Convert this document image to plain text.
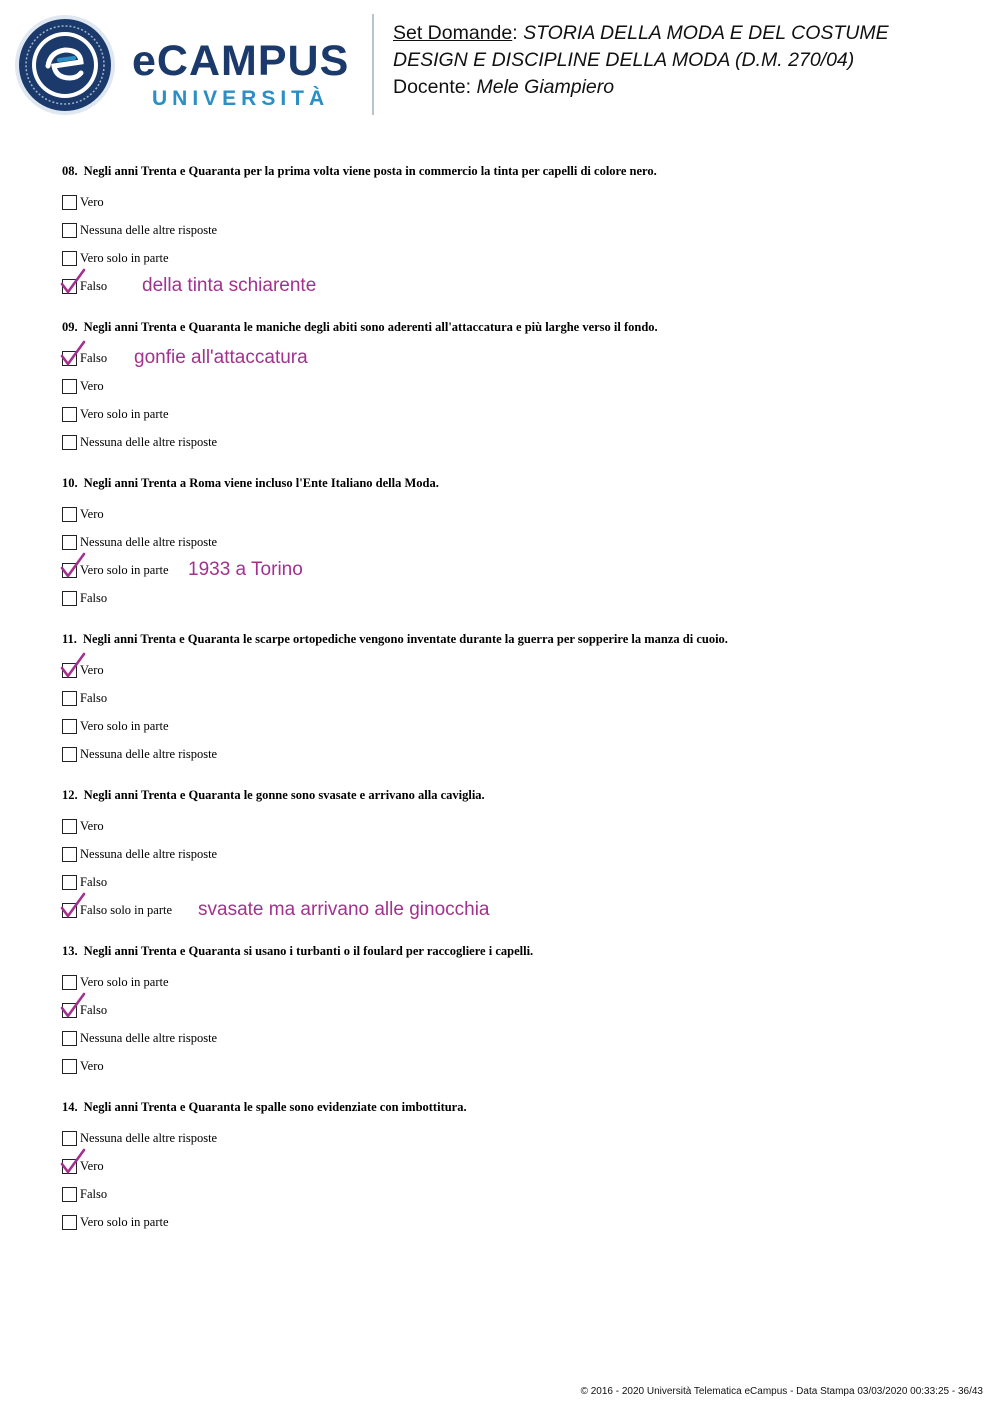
eCAMPUS
UNIVERSITÀ
Set Domande: STORIA DELLA MODA E DEL COSTUME
DESIGN E DISCIPLINE DELLA MODA (D.M. 270/04)
Docente: Mele Giampiero
08. Negli anni Trenta e Quaranta per la prima volta viene posta in commercio la tinta per capelli di colore nero.
Vero
Nessuna delle altre risposte
Vero solo in parte
Falso della tinta schiarente
09. Negli anni Trenta e Quaranta le maniche degli abiti sono aderenti all'attaccatura e più larghe verso il fondo.
Falso gonfie all'attaccatura
Vero
Vero solo in parte
Nessuna delle altre risposte
10. Negli anni Trenta a Roma viene incluso l'Ente Italiano della Moda.
Vero
Nessuna delle altre risposte
Vero solo in parte 1933 a Torino
Falso
11. Negli anni Trenta e Quaranta le scarpe ortopediche vengono inventate durante la guerra per sopperire la manza di cuoio.
Vero
Falso
Vero solo in parte
Nessuna delle altre risposte
12. Negli anni Trenta e Quaranta le gonne sono svasate e arrivano alla caviglia.
Vero
Nessuna delle altre risposte
Falso
Falso solo in parte svasate ma arrivano alle ginocchia
13. Negli anni Trenta e Quaranta si usano i turbanti o il foulard per raccogliere i capelli.
Vero solo in parte
Falso
Nessuna delle altre risposte
Vero
14. Negli anni Trenta e Quaranta le spalle sono evidenziate con imbottitura.
Nessuna delle altre risposte
Vero
Falso
Vero solo in parte
© 2016 - 2020 Università Telematica eCampus - Data Stampa 03/03/2020 00:33:25 - 36/43
